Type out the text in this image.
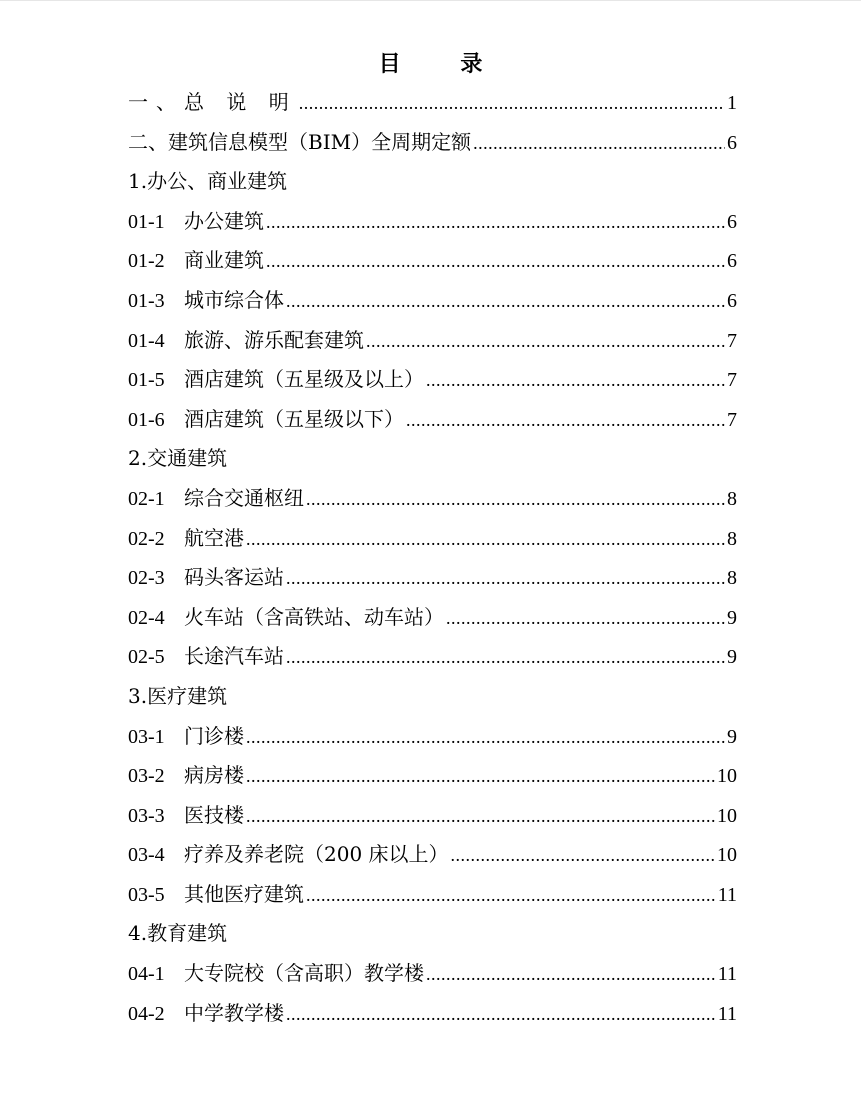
目 录
一、总 说 明 .....	1
二、建筑信息模型（BIM）全周期定额 .....	6
1.办公、商业建筑
01-1 办公建筑 .....	6
01-2 商业建筑 .....	6
01-3 城市综合体 .....	6
01-4 旅游、游乐配套建筑 .....	7
01-5 酒店建筑（五星级及以上） .....	7
01-6 酒店建筑（五星级以下） .....	7
2.交通建筑
02-1 综合交通枢纽 .....	8
02-2 航空港 .....	8
02-3 码头客运站 .....	8
02-4 火车站（含高铁站、动车站） .....	9
02-5 长途汽车站 .....	9
3.医疗建筑
03-1 门诊楼 .....	9
03-2 病房楼 .....	10
03-3 医技楼 .....	10
03-4 疗养及养老院（200 床以上） .....	10
03-5 其他医疗建筑 .....	11
4.教育建筑
04-1 大专院校（含高职）教学楼 .....	11
04-2 中学教学楼 .....	11
